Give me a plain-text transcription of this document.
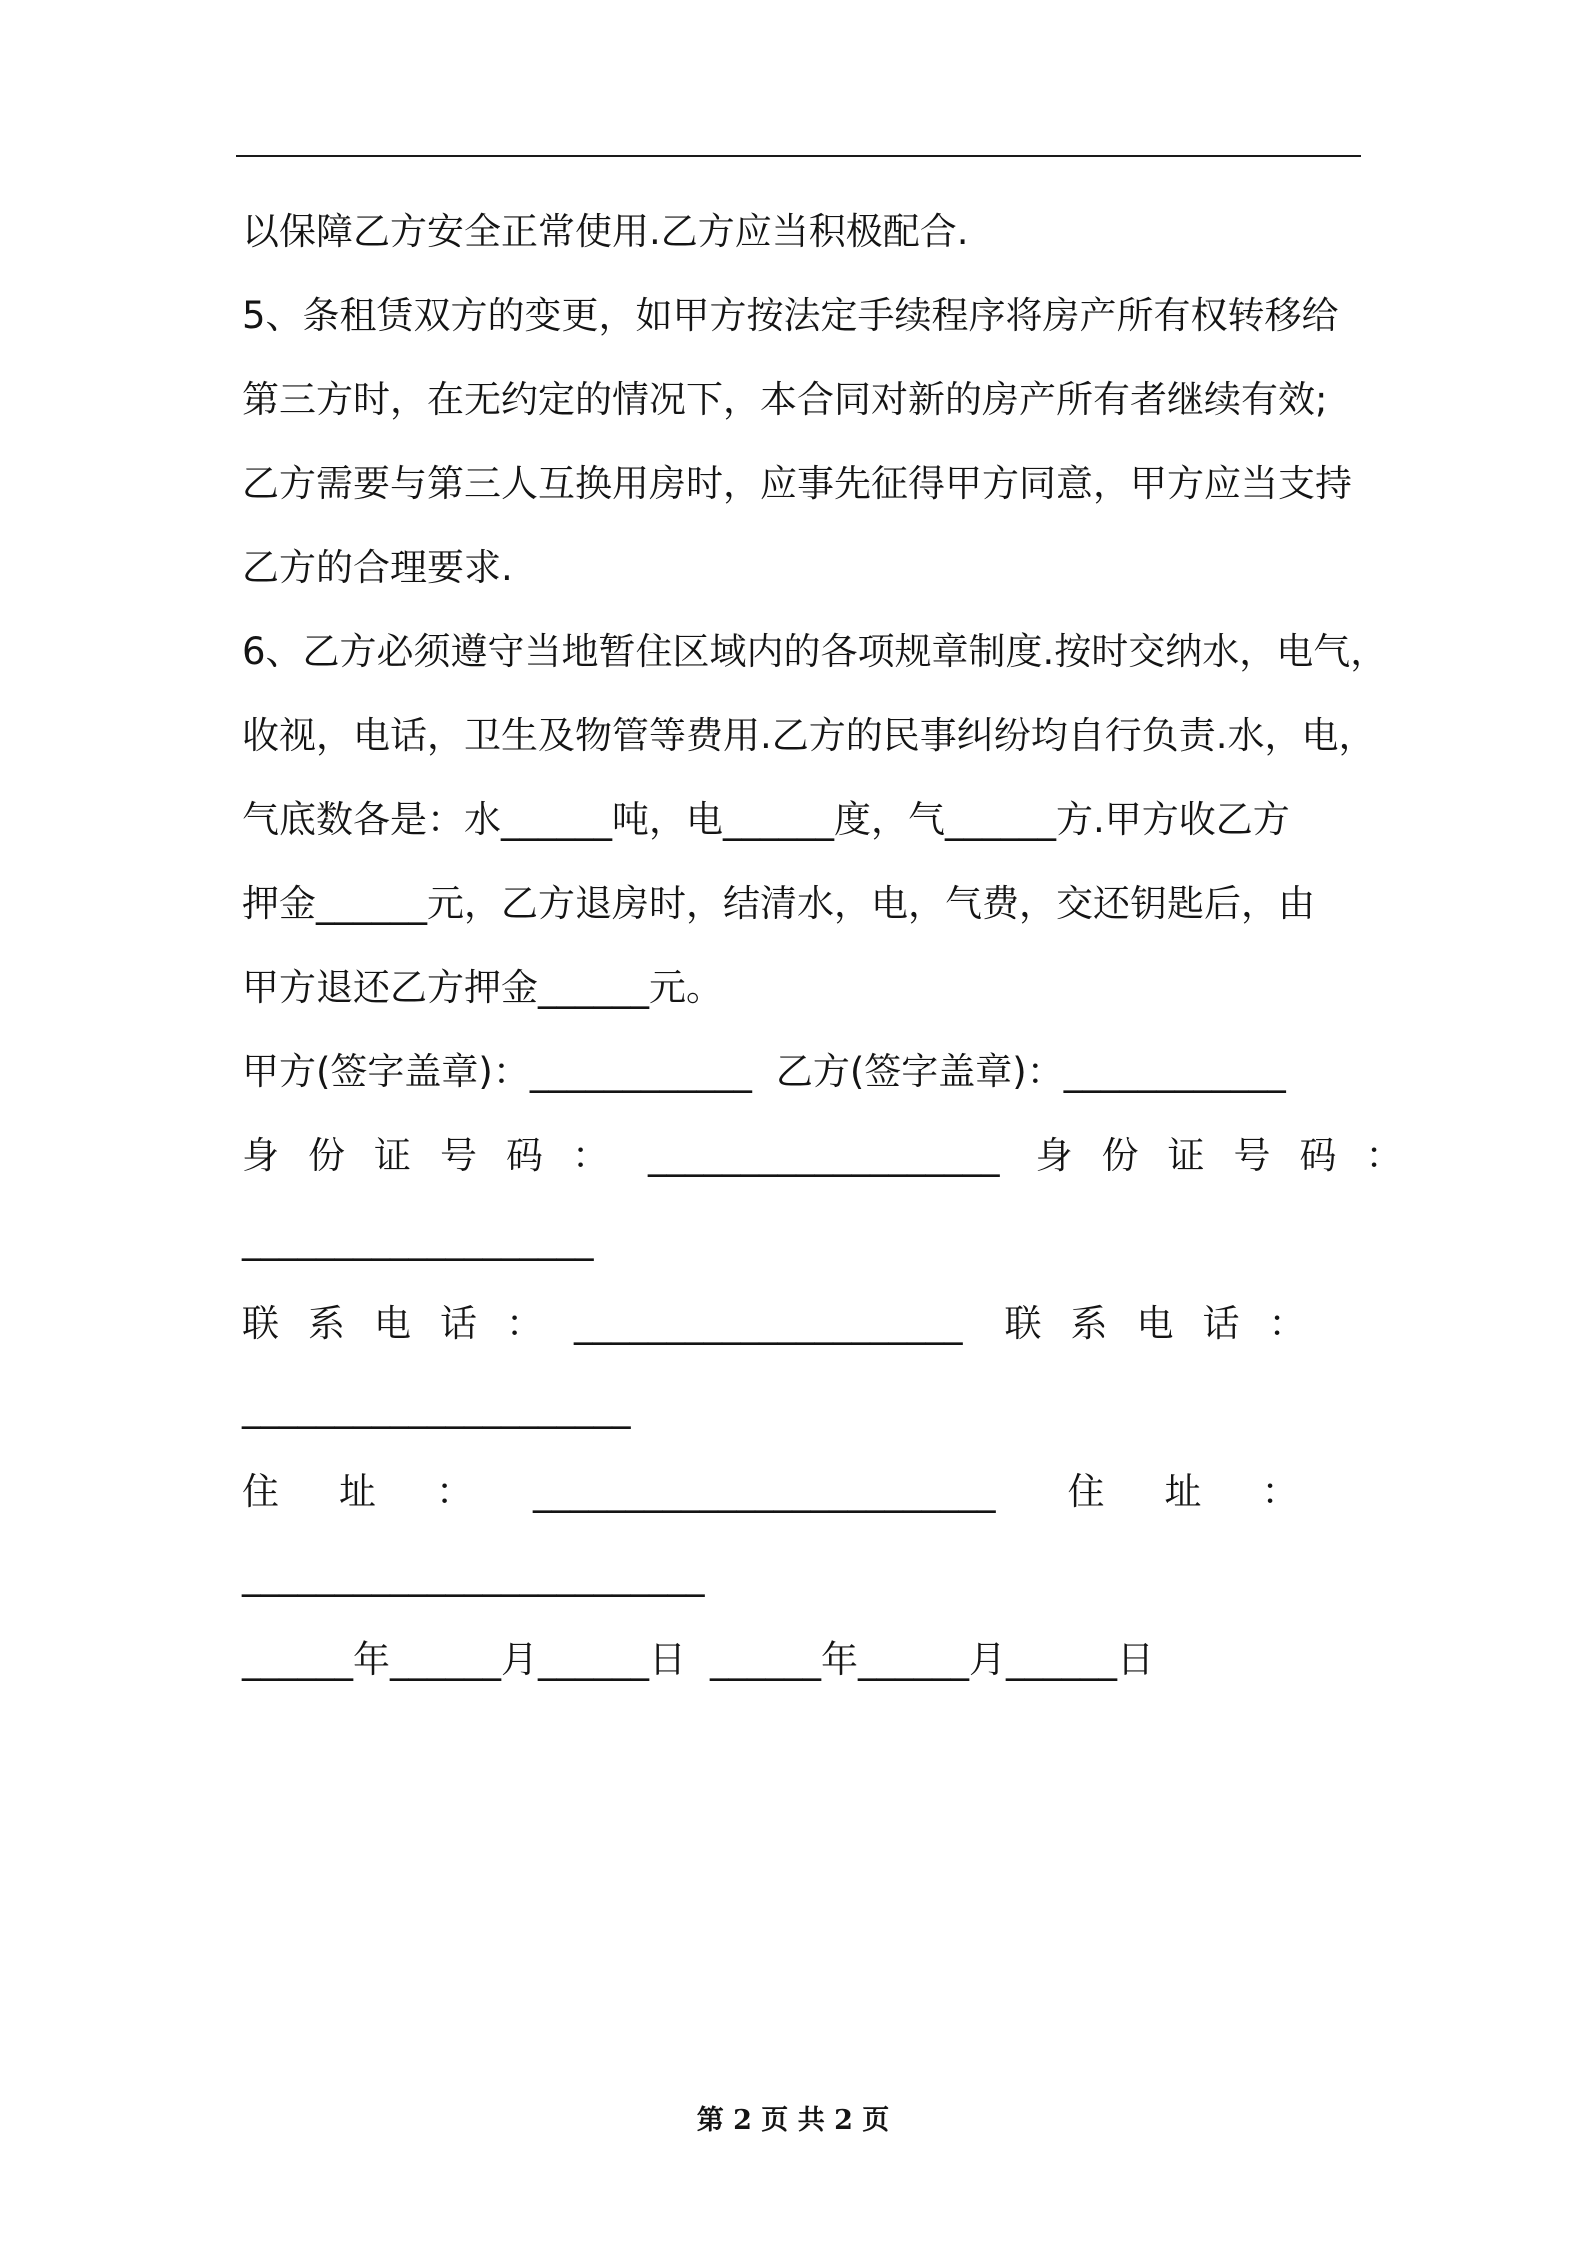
以保障乙方安全正常使用.乙方应当积极配合.
5、条租赁双方的变更，如甲方按法定手续程序将房产所有权转移给
第三方时，在无约定的情况下，本合同对新的房产所有者继续有效;
乙方需要与第三人互换用房时，应事先征得甲方同意，甲方应当支持
乙方的合理要求.
6、乙方必须遵守当地暂住区域内的各项规章制度.按时交纳水，电气，
收视，电话，卫生及物管等费用.乙方的民事纠纷均自行负责.水，电，
气底数各是：水______吨，电______度，气______方.甲方收乙方
押金______元，乙方退房时，结清水，电，气费，交还钥匙后，由
甲方退还乙方押金______元。
甲方(签字盖章)：____________ 乙方(签字盖章)：____________
身份证号码： ___________________ 身份证号码：
___________________
联系电话：_____________________ 联系电话：
_____________________
住址：_________________________ 住址：
_________________________
______年______月______日 ______年______月______日
第 2 页 共 2 页
